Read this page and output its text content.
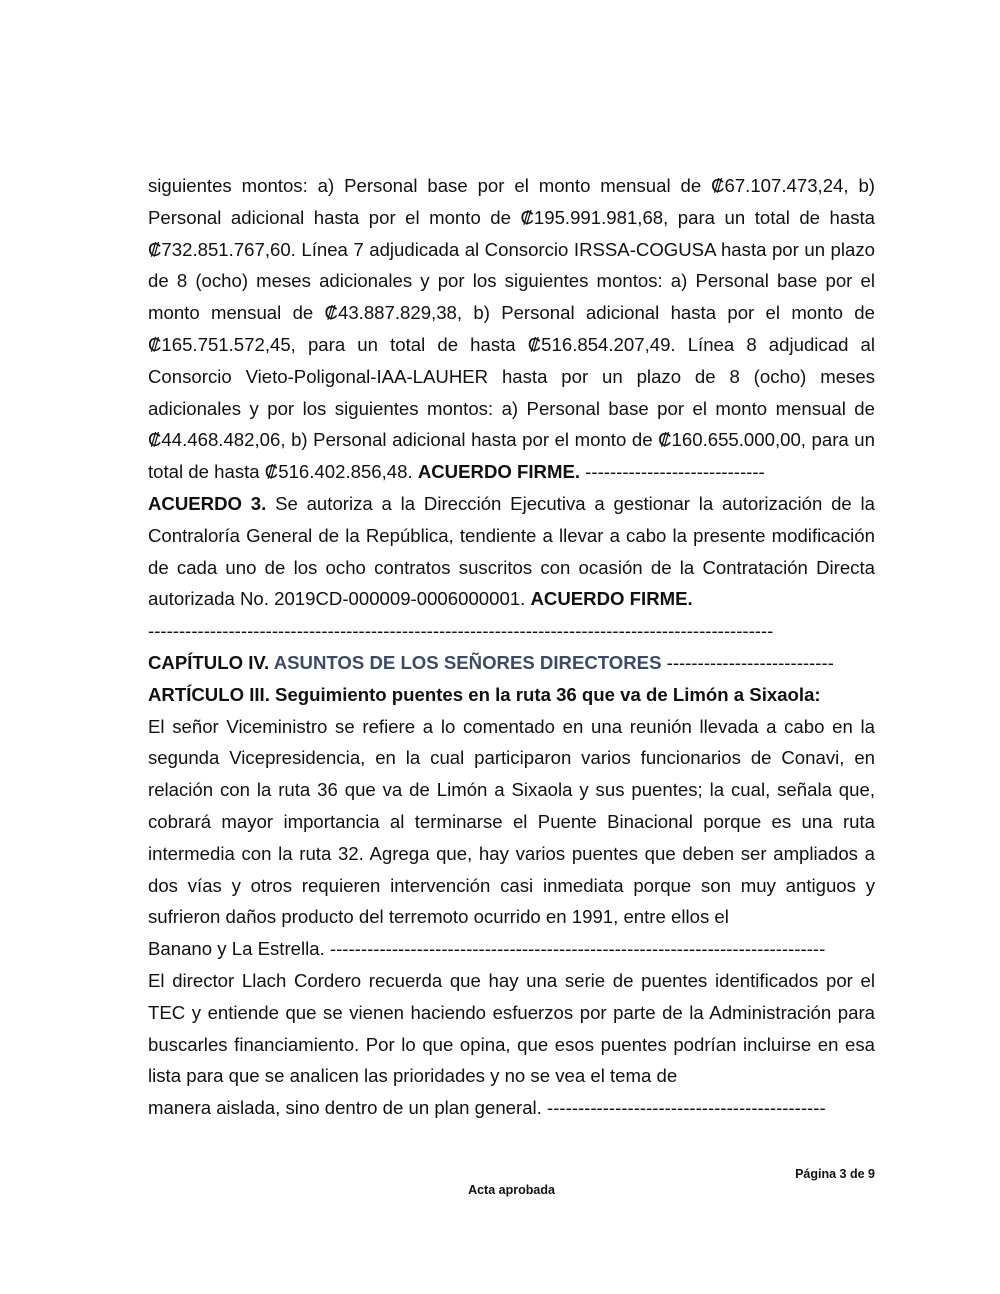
siguientes montos: a) Personal base por el monto mensual de ₡67.107.473,24, b) Personal adicional hasta por el monto de ₡195.991.981,68, para un total de hasta ₡732.851.767,60. Línea 7 adjudicada al Consorcio IRSSA-COGUSA hasta por un plazo de 8 (ocho) meses adicionales y por los siguientes montos: a) Personal base por el monto mensual de ₡43.887.829,38, b) Personal adicional hasta por el monto de ₡165.751.572,45, para un total de hasta ₡516.854.207,49. Línea 8 adjudicad al Consorcio Vieto-Poligonal-IAA-LAUHER hasta por un plazo de 8 (ocho) meses adicionales y por los siguientes montos: a) Personal base por el monto mensual de ₡44.468.482,06, b) Personal adicional hasta por el monto de ₡160.655.000,00, para un total de hasta ₡516.402.856,48. ACUERDO FIRME. -----------------------------

ACUERDO 3. Se autoriza a la Dirección Ejecutiva a gestionar la autorización de la Contraloría General de la República, tendiente a llevar a cabo la presente modificación de cada uno de los ocho contratos suscritos con ocasión de la Contratación Directa autorizada No. 2019CD-000009-0006000001. ACUERDO FIRME.

-----------------------------------------------------------------------------------------------------

CAPÍTULO IV. ASUNTOS DE LOS SEÑORES DIRECTORES ---------------------------

ARTÍCULO III. Seguimiento puentes en la ruta 36 que va de Limón a Sixaola:

El señor Viceministro se refiere a lo comentado en una reunión llevada a cabo en la segunda Vicepresidencia, en la cual participaron varios funcionarios de Conavi, en relación con la ruta 36 que va de Limón a Sixaola y sus puentes; la cual, señala que, cobrará mayor importancia al terminarse el Puente Binacional porque es una ruta intermedia con la ruta 32. Agrega que, hay varios puentes que deben ser ampliados a dos vías y otros requieren intervención casi inmediata porque son muy antiguos y sufrieron daños producto del terremoto ocurrido en 1991, entre ellos el

Banano y La Estrella. --------------------------------------------------------------------------------

El director Llach Cordero recuerda que hay una serie de puentes identificados por el TEC y entiende que se vienen haciendo esfuerzos por parte de la Administración para buscarles financiamiento. Por lo que opina, que esos puentes podrían incluirse en esa lista para que se analicen las prioridades y no se vea el tema de

manera aislada, sino dentro de un plan general. ---------------------------------------------

Página 3 de 9
Acta aprobada
